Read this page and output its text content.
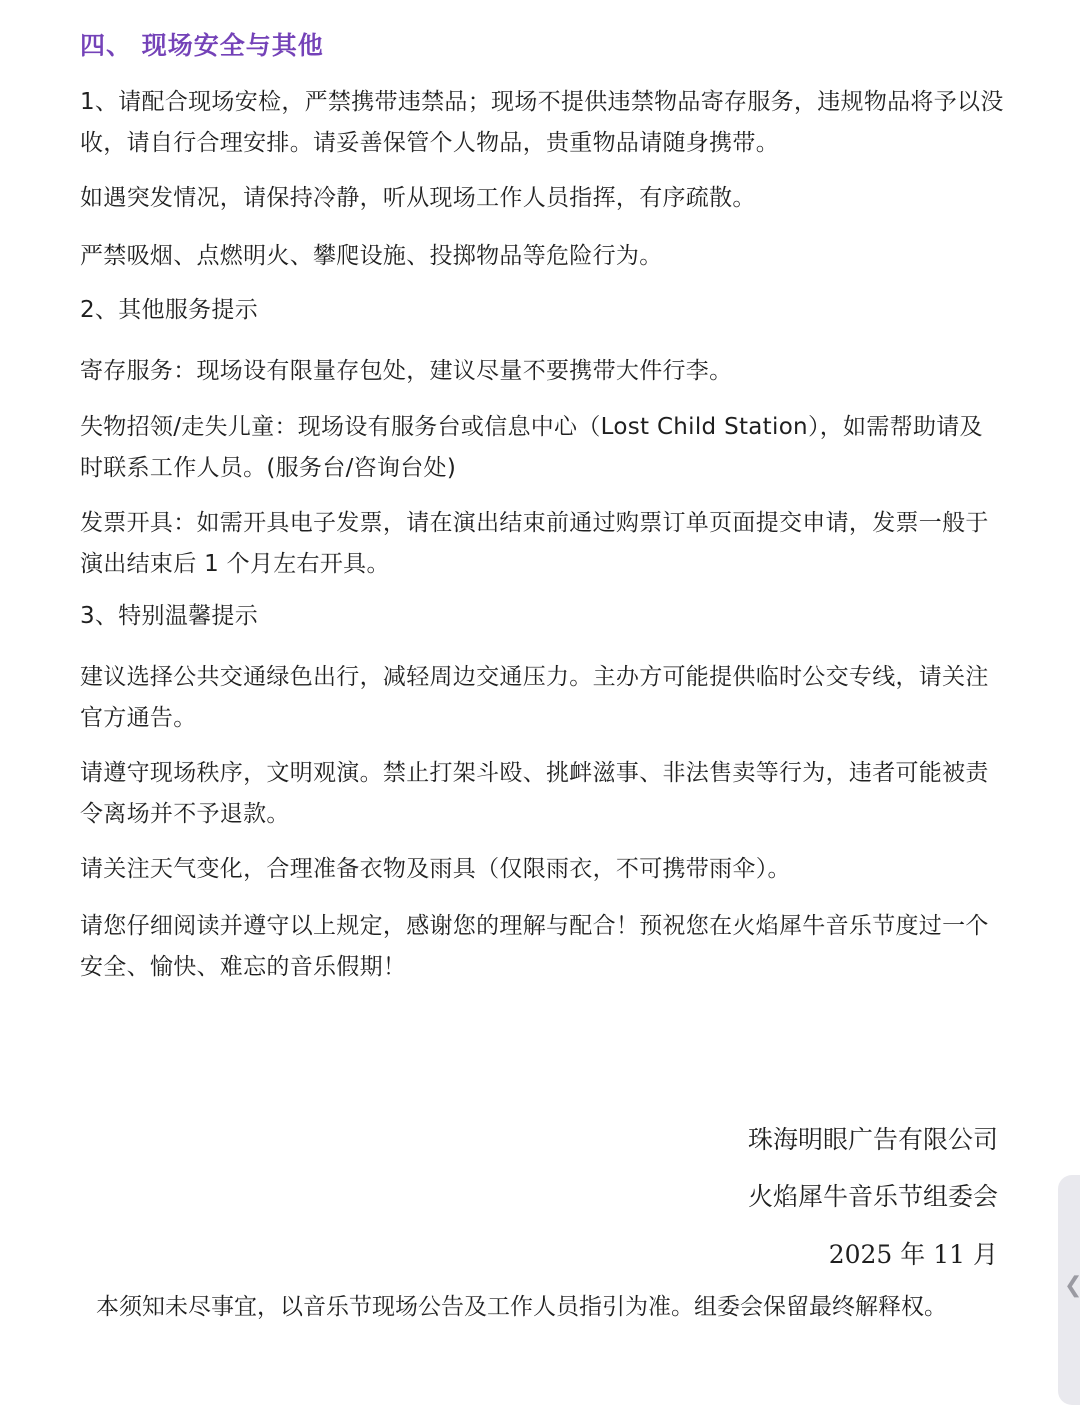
四、 现场安全与其他

1、请配合现场安检，严禁携带违禁品；现场不提供违禁物品寄存服务，违规物品将予以没收，请自行合理安排。请妥善保管个人物品，贵重物品请随身携带。

如遇突发情况，请保持冷静，听从现场工作人员指挥，有序疏散。

严禁吸烟、点燃明火、攀爬设施、投掷物品等危险行为。

2、其他服务提示

寄存服务：现场设有限量存包处，建议尽量不要携带大件行李。

失物招领/走失儿童：现场设有服务台或信息中心（Lost Child Station），如需帮助请及时联系工作人员。(服务台/咨询台处)

发票开具：如需开具电子发票，请在演出结束前通过购票订单页面提交申请，发票一般于演出结束后 1 个月左右开具。

3、特别温馨提示

建议选择公共交通绿色出行，减轻周边交通压力。主办方可能提供临时公交专线，请关注官方通告。

请遵守现场秩序，文明观演。禁止打架斗殴、挑衅滋事、非法售卖等行为，违者可能被责令离场并不予退款。

请关注天气变化，合理准备衣物及雨具（仅限雨衣，不可携带雨伞）。

请您仔细阅读并遵守以上规定，感谢您的理解与配合！预祝您在火焰犀牛音乐节度过一个安全、愉快、难忘的音乐假期！

珠海明眼广告有限公司
火焰犀牛音乐节组委会
2025 年 11 月
本须知未尽事宜，以音乐节现场公告及工作人员指引为准。组委会保留最终解释权。
❮
